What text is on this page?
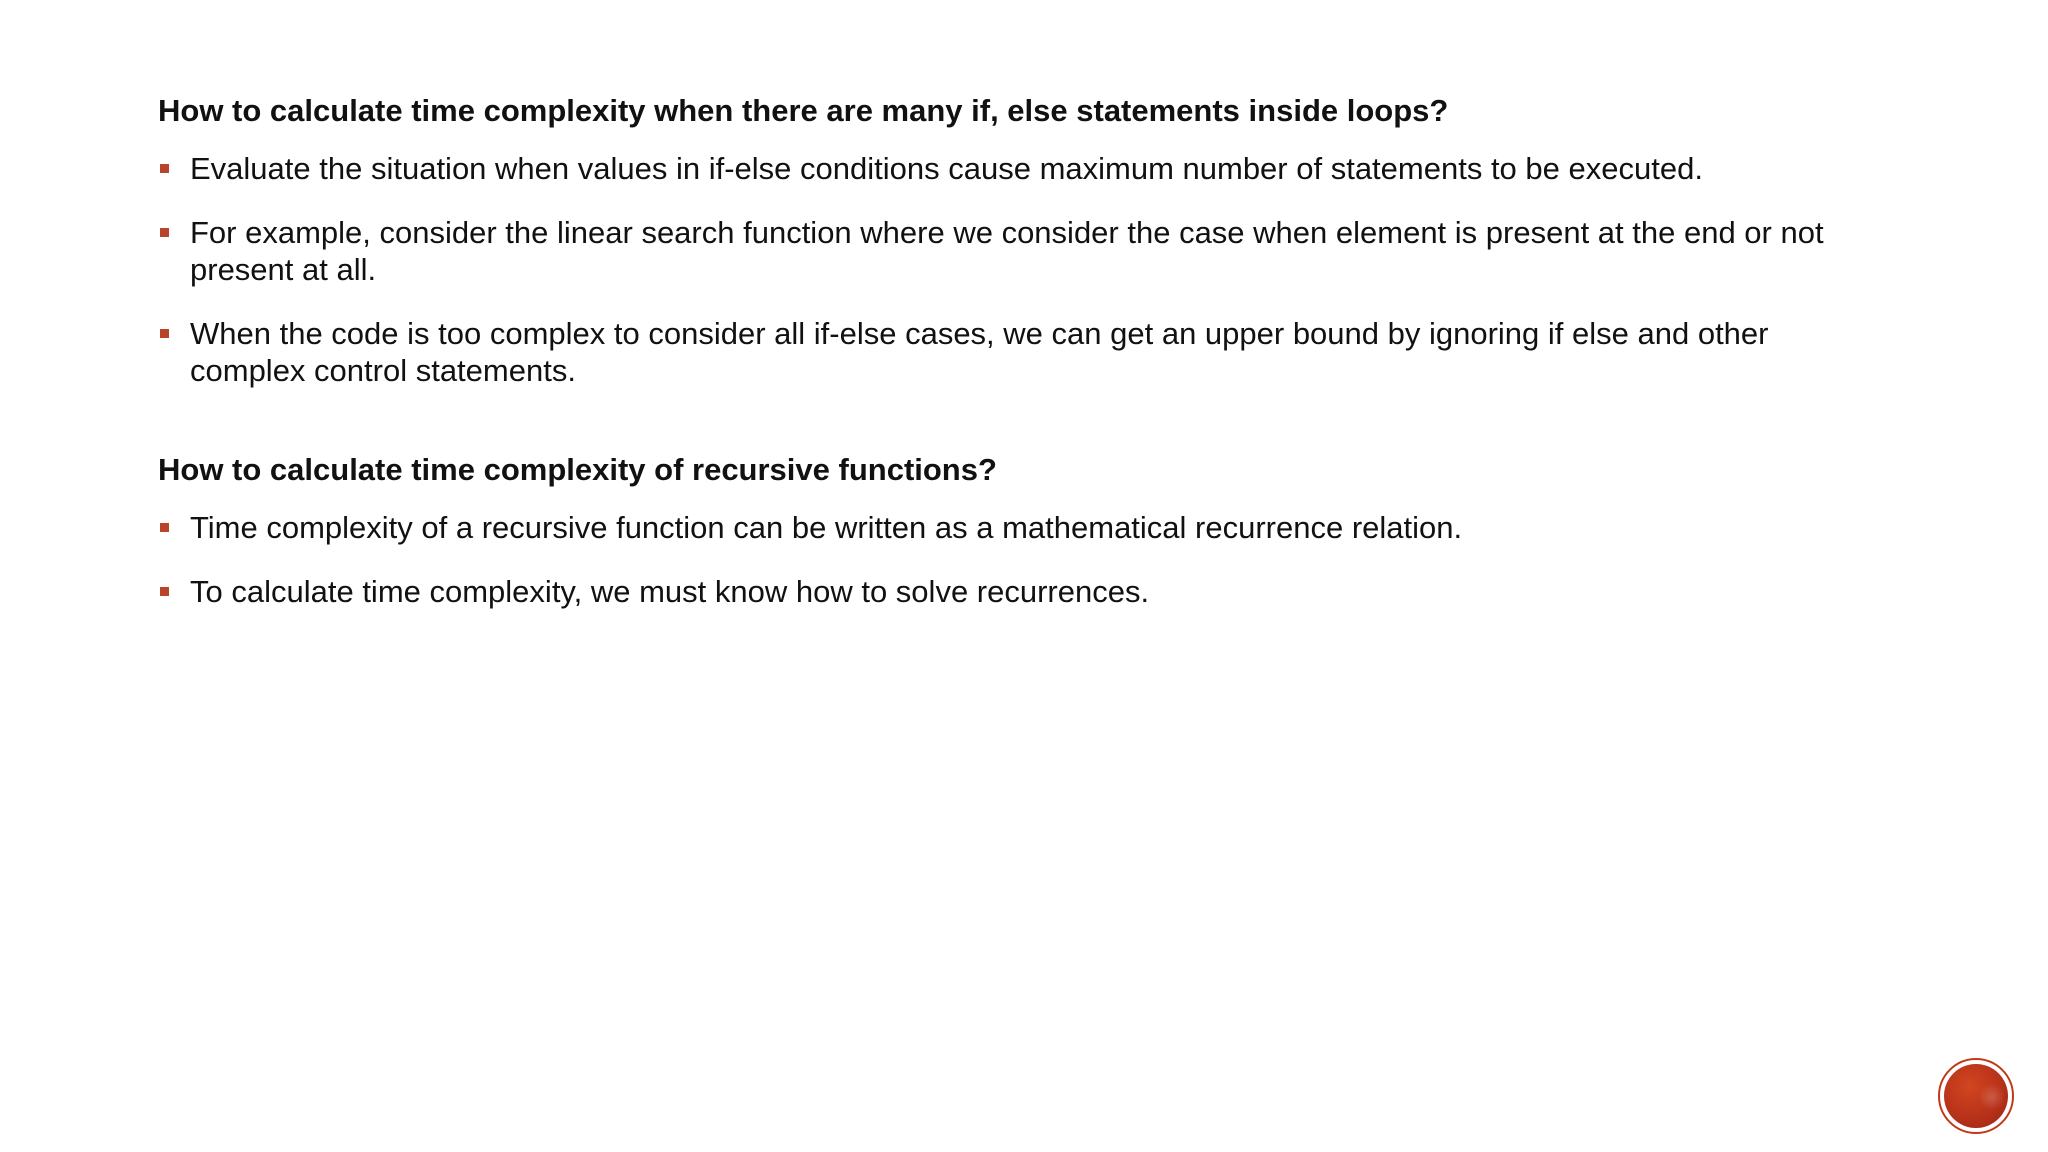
How to calculate time complexity when there are many if, else statements inside loops?

Evaluate the situation when values in if-else conditions cause maximum number of statements to be executed.
For example, consider the linear search function where we consider the case when element is present at the end or not present at all.
When the code is too complex to consider all if-else cases, we can get an upper bound by ignoring if else and other complex control statements.

How to calculate time complexity of recursive functions?

Time complexity of a recursive function can be written as a mathematical recurrence relation.
To calculate time complexity, we must know how to solve recurrences.
